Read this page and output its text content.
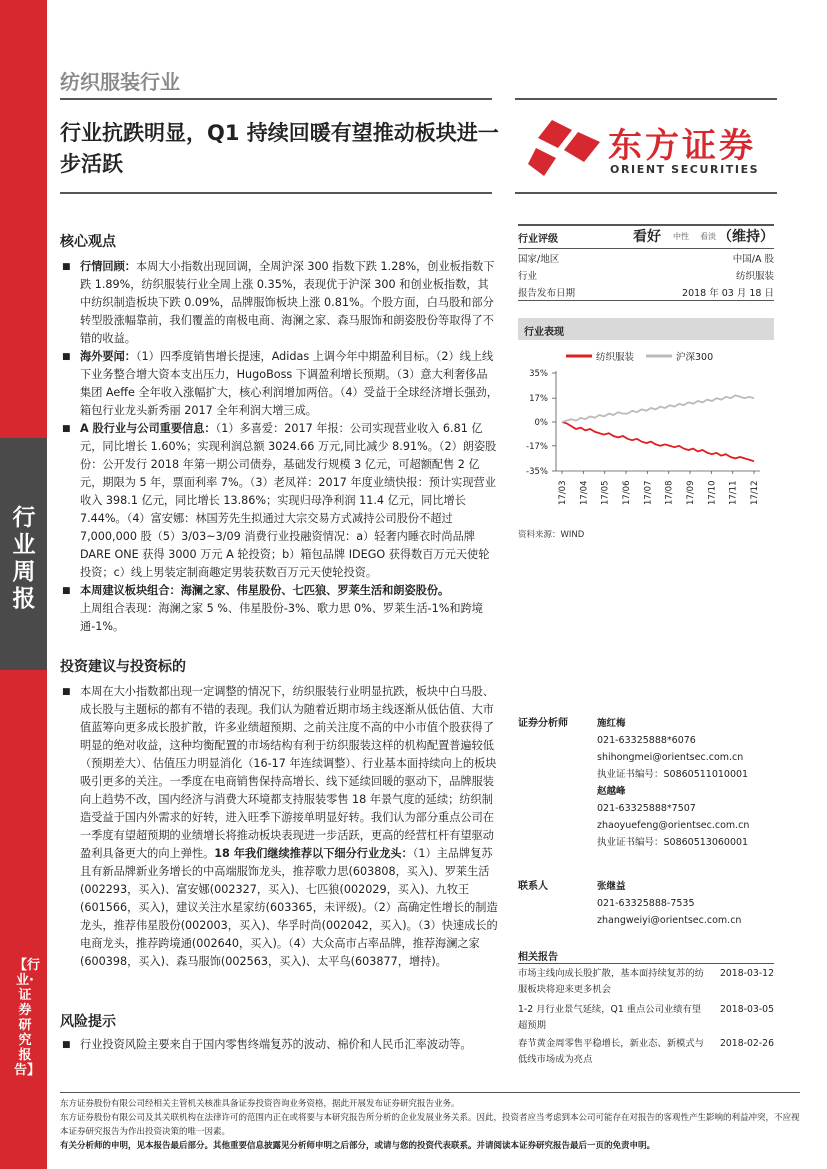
行业周报
【行业·证券研究报告】
纺织服装行业
行业抗跌明显，Q1 持续回暖有望推动板块进一步活跃	东方证券
ORIENT SECURITIES
核心观点
■ 行情回顾：本周大小指数出现回调，全周沪深 300 指数下跌 1.28%，创业板指数下跌 1.89%，纺织服装行业全周上涨 0.35%，表现优于沪深 300 和创业板指数，其中纺织制造板块下跌 0.09%，品牌服饰板块上涨 0.81%。个股方面，白马股和部分转型股涨幅靠前，我们覆盖的南极电商、海澜之家、森马服饰和朗姿股份等取得了不错的收益。
■ 海外要闻：（1）四季度销售增长提速，Adidas 上调今年中期盈利目标。（2）线上线下业务整合增大资本支出压力，HugoBoss 下调盈利增长预期。（3）意大利奢侈品集团 Aeffe 全年收入涨幅扩大，核心利润增加两倍。（4）受益于全球经济增长强劲，箱包行业龙头新秀丽 2017 全年利润大增三成。
■ A 股行业与公司重要信息：（1）多喜爱：2017 年报：公司实现营业收入 6.81 亿元，同比增长 1.60%；实现利润总额 3024.66 万元,同比减少 8.91%。（2）朗姿股份：公开发行 2018 年第一期公司债券，基础发行规模 3 亿元，可超额配售 2 亿元，期限为 5 年，票面利率 7%。（3）老凤祥：2017 年度业绩快报：预计实现营业收入 398.1 亿元，同比增长 13.86%；实现归母净利润 11.4 亿元，同比增长 7.44%。（4）富安娜：林国芳先生拟通过大宗交易方式减持公司股份不超过 7,000,000 股（5）3/03~3/09 消费行业投融资情况：a）轻奢内睡衣时尚品牌 DARE ONE 获得 3000 万元 A 轮投资；b）箱包品牌 IDEGO 获得数百万元天使轮投资；c）线上男装定制商趣定男装获数百万元天使轮投资。
■ 本周建议板块组合：海澜之家、伟星股份、七匹狼、罗莱生活和朗姿股份。
上周组合表现：海澜之家 5 %、伟星股份-3%、歌力思 0%、罗莱生活-1%和跨境通-1%。
投资建议与投资标的
■ 本周在大小指数都出现一定调整的情况下，纺织服装行业明显抗跌，板块中白马股、成长股与主题标的都有不错的表现。我们认为随着近期市场主线逐渐从低估值、大市值蓝筹向更多成长股扩散，许多业绩超预期、之前关注度不高的中小市值个股获得了明显的绝对收益，这种均衡配置的市场结构有利于纺织服装这样的机构配置普遍较低（预期差大）、估值压力明显消化（16-17 年连续调整）、行业基本面持续向上的板块吸引更多的关注。一季度在电商销售保持高增长、线下延续回暖的驱动下，品牌服装向上趋势不改，国内经济与消费大环境都支持服装零售 18 年景气度的延续；纺织制造受益于国内外需求的好转，进入旺季下游接单明显好转。我们认为部分重点公司在一季度有望超预期的业绩增长将推动板块表现进一步活跃，更高的经营杠杆有望驱动盈利具备更大的向上弹性。18 年我们继续推荐以下细分行业龙头：（1）主品牌复苏且有新品牌新业务增长的中高端服饰龙头，推荐歌力思(603808，买入)、罗莱生活(002293，买入)、富安娜(002327，买入)、七匹狼(002029，买入)、九牧王(601566，买入)，建议关注水星家纺(603365，未评级)。（2）高确定性增长的制造龙头，推荐伟星股份(002003，买入)、华孚时尚(002042，买入)。（3）快速成长的电商龙头，推荐跨境通(002640，买入)。（4）大众高市占率品牌，推荐海澜之家(600398，买入)、森马服饰(002563，买入)、太平鸟(603877，增持)。
风险提示
■ 行业投资风险主要来自于国内零售终端复苏的波动、棉价和人民币汇率波动等。
行业评级	看好 中性 看淡 （维持）
国家/地区	中国/A 股
行业	纺织服装
报告发布日期	2018 年 03 月 18 日
行业表现
纺织服装	沪深300
35%
17%
0%
-17%
-35%
17/03 17/04 17/05 17/06 17/07 17/08 17/09 17/10 17/11 17/12
资料来源：WIND
证券分析师	施红梅
021-63325888*6076
shihongmei@orientsec.com.cn
执业证书编号：S0860511010001
赵越峰
021-63325888*7507
zhaoyuefeng@orientsec.com.cn
执业证书编号：S0860513060001
联系人	张继益
021-63325888-7535
zhangweiyi@orientsec.com.cn
相关报告
市场主线向成长股扩散，基本面持续复苏的纺服板块将迎来更多机会
2018-03-12
1-2 月行业景气延续，Q1 重点公司业绩有望超预期
2018-03-05
春节黄金周零售平稳增长，新业态、新模式与低线市场成为亮点
2018-02-26
东方证券股份有限公司经相关主管机关核准具备证券投资咨询业务资格，据此开展发布证券研究报告业务。
东方证券股份有限公司及其关联机构在法律许可的范围内正在或将要与本研究报告所分析的企业发展业务关系。因此，投资者应当考虑到本公司可能存在对报告的客观性产生影响的利益冲突，不应视本证券研究报告为作出投资决策的唯一因素。
有关分析师的申明，见本报告最后部分。其他重要信息披露见分析师申明之后部分，或请与您的投资代表联系。并请阅读本证券研究报告最后一页的免责申明。
